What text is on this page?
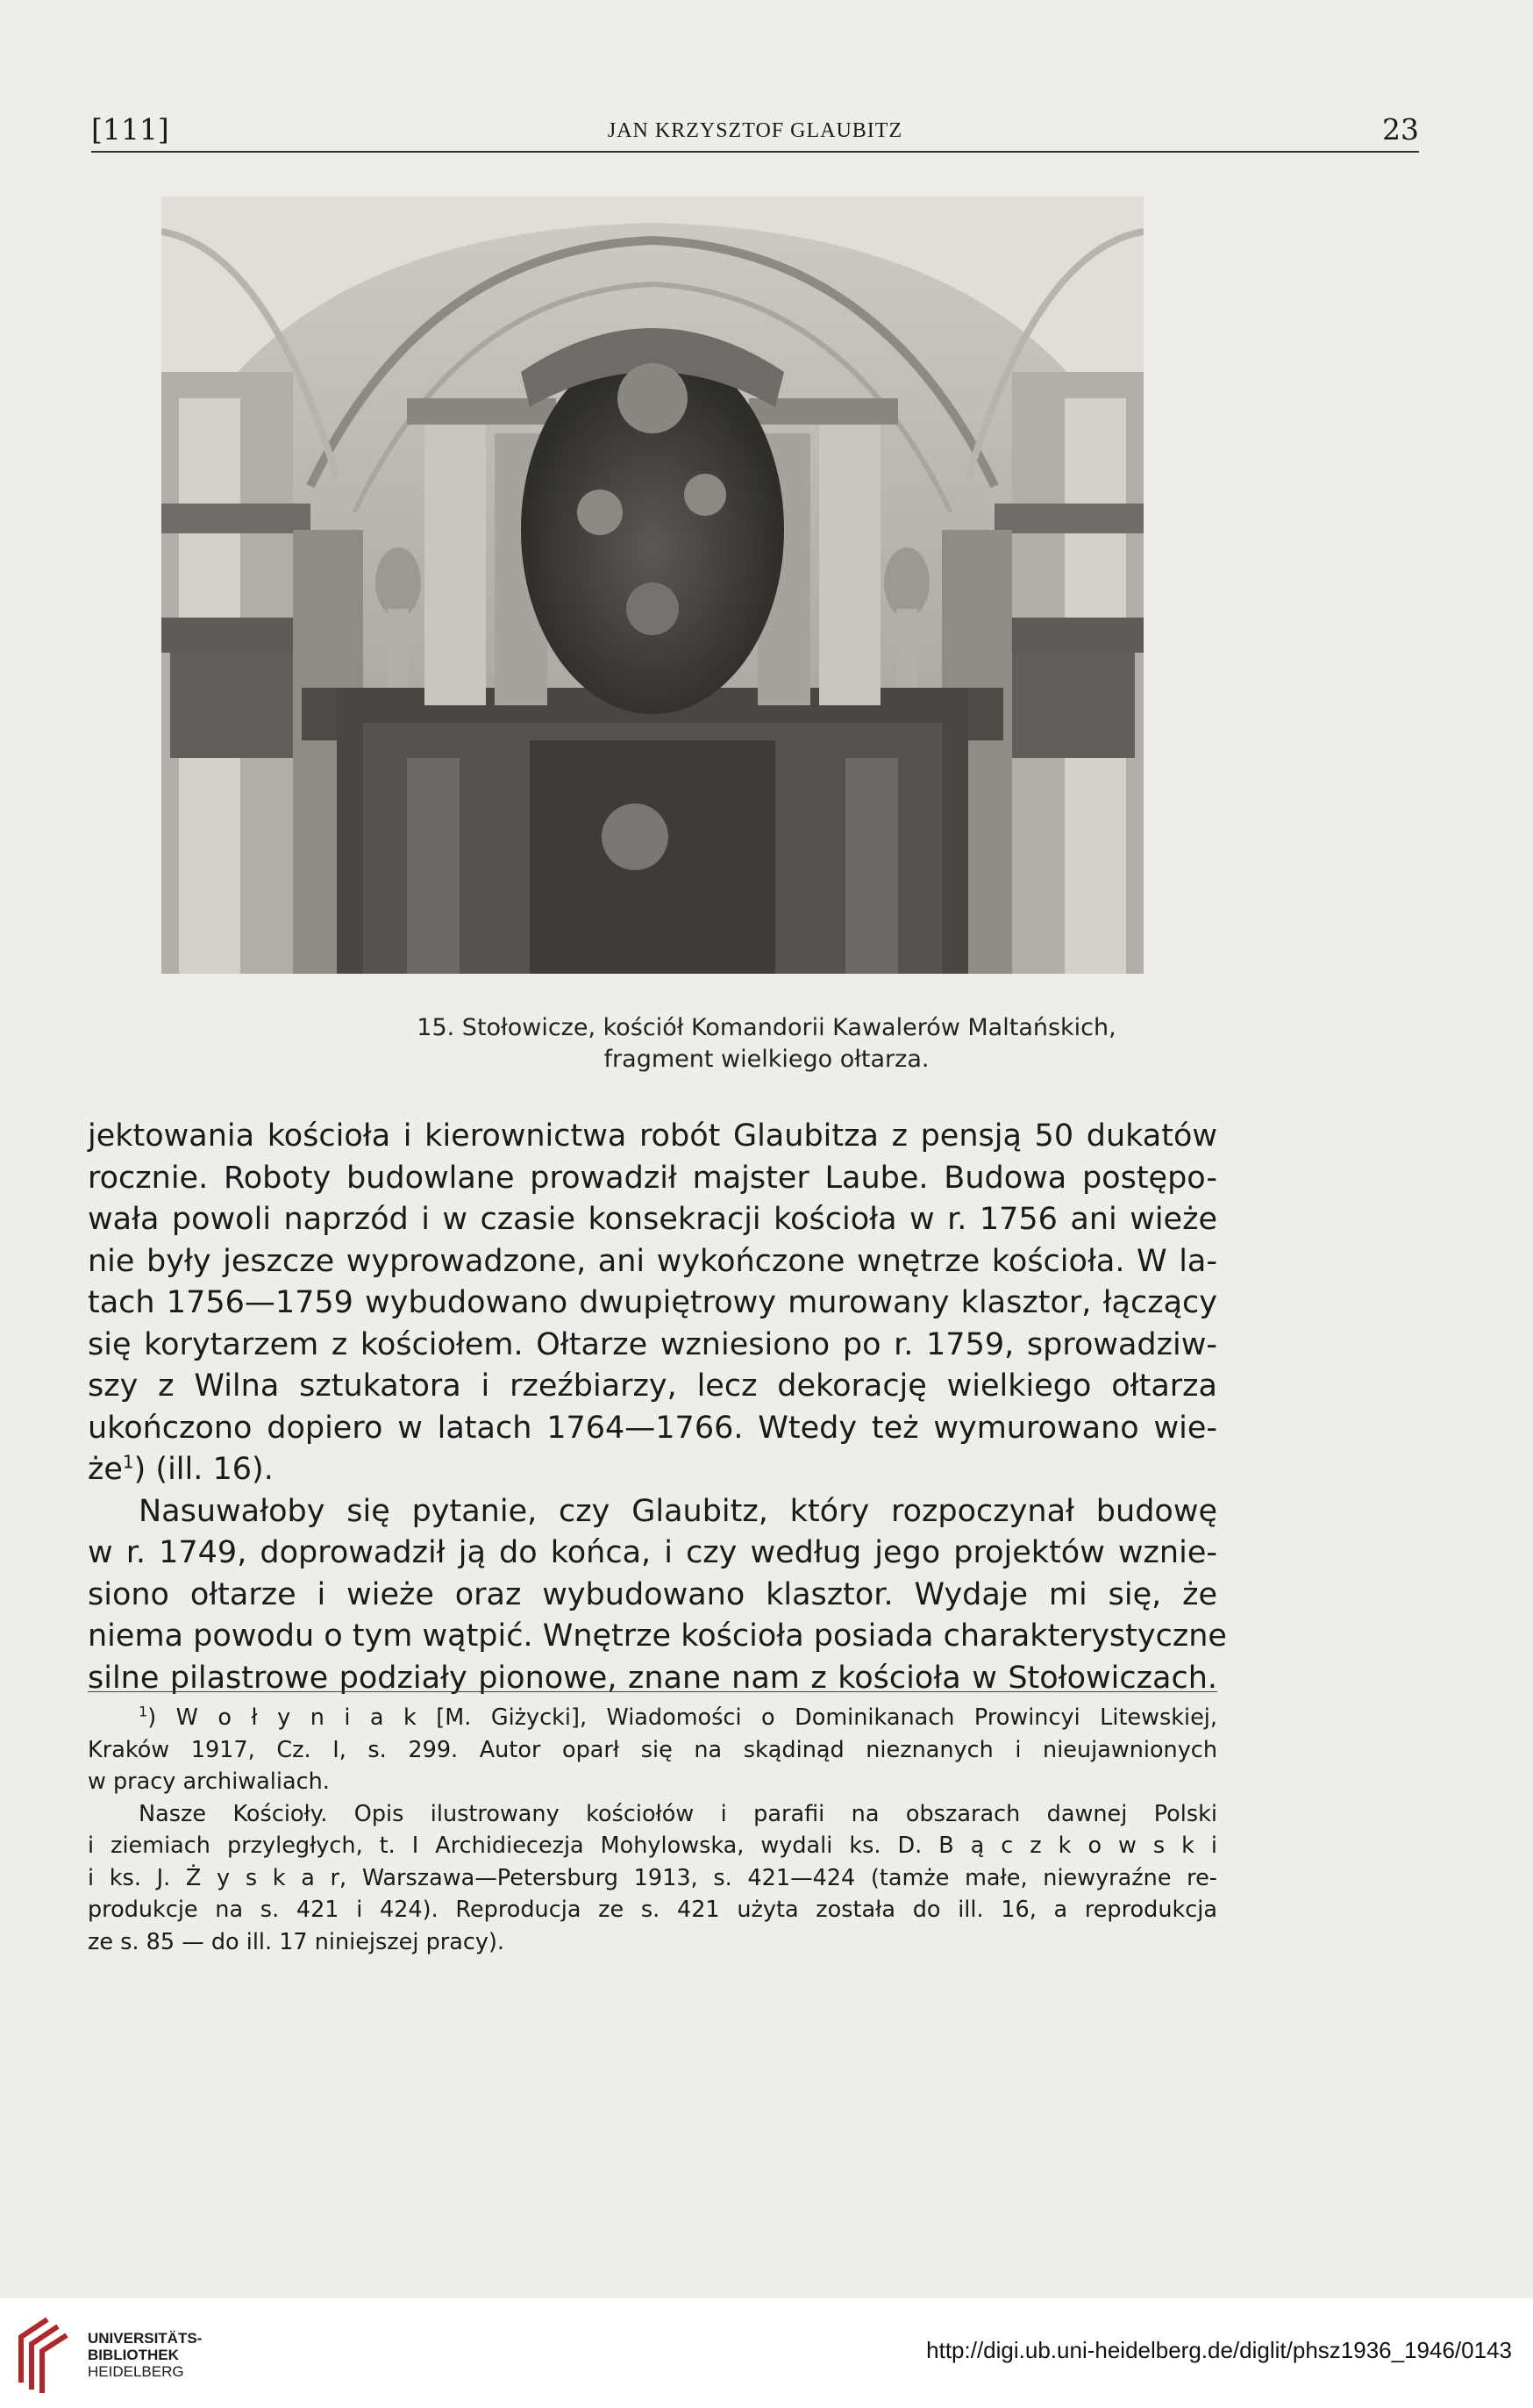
[111]	JAN KRZYSZTOF GLAUBITZ	23
15. Stołowicze, kościół Komandorii Kawalerów Maltańskich,
fragment wielkiego ołtarza.
jektowania kościoła i kierownictwa robót Glaubitza z pensją 50 dukatów
rocznie. Roboty budowlane prowadził majster Laube. Budowa postępo-
wała powoli naprzód i w czasie konsekracji kościoła w r. 1756 ani wieże
nie były jeszcze wyprowadzone, ani wykończone wnętrze kościoła. W la-
tach 1756—1759 wybudowano dwupiętrowy murowany klasztor, łączący
się korytarzem z kościołem. Ołtarze wzniesiono po r. 1759, sprowadziw-
szy z Wilna sztukatora i rzeźbiarzy, lecz dekorację wielkiego ołtarza
ukończono dopiero w latach 1764—1766. Wtedy też wymurowano wie-
$że^1$) (ill. 16).
Nasuwałoby się pytanie, czy Glaubitz, który rozpoczynał budowę
w r. 1749, doprowadził ją do końca, i czy według jego projektów wznie-
siono ołtarze i wieże oraz wybudowano klasztor. Wydaje mi się, że
niema powodu o tym wątpić. Wnętrze kościoła posiada charakterystyczne
silne pilastrowe podziały pionowe, znane nam z kościoła w Stołowiczach.
$^1$) W o ł y n i a k [M. Giżycki], Wiadomości o Dominikanach Prowincyi Litewskiej,
Kraków 1917, Cz. I, s. 299. Autor oparł się na skądinąd nieznanych i nieujawnionych
w pracy archiwaliach.
Nasze Kościoły. Opis ilustrowany kościołów i parafii na obszarach dawnej Polski
i ziemiach przyległych, t. I Archidiecezja Mohylowska, wydali ks. D. B ą c z k o w s k i
i ks. J. Ż y s k a r, Warszawa—Petersburg 1913, s. 421—424 (tamże małe, niewyraźne re-
produkcje na s. 421 i 424). Reproducja ze s. 421 użyta została do ill. 16, a reprodukcja
ze s. 85 — do ill. 17 niniejszej pracy).
UNIVERSITÄTS-
BIBLIOTHEK
HEIDELBERG
http://digi.ub.uni-heidelberg.de/diglit/phsz1936_1946/0143
